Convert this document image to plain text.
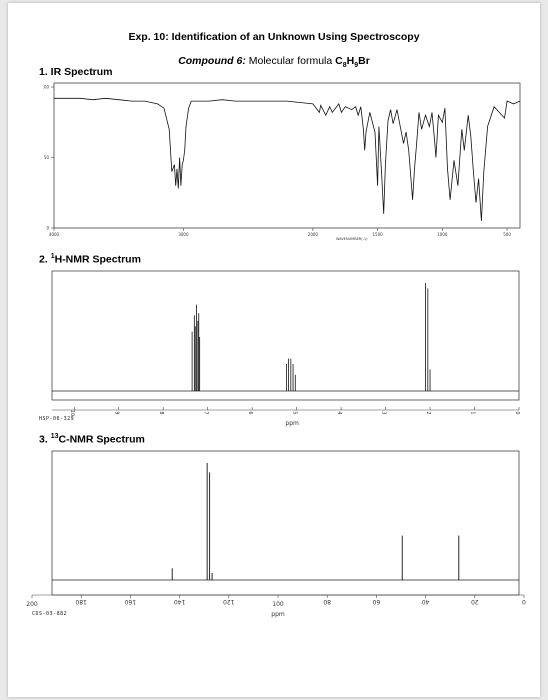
Exp. 10: Identification of an Unknown Using Spectroscopy
Compound 6: Molecular formula $C_8H_9Br$
1. IR Spectrum
2. $^1$H-NMR Spectrum
3. $^{13}$C-NMR Spectrum
HSP-06-329
CDS-03-882
4000	3000	2000	1500	1000	500
WAVENUMBER(-1)
.00
50
0
10	9	8	7	6	5	4	3	2	1	0
ppm
200	180	160	140	120	100	80	60	40	20	0
ppm
